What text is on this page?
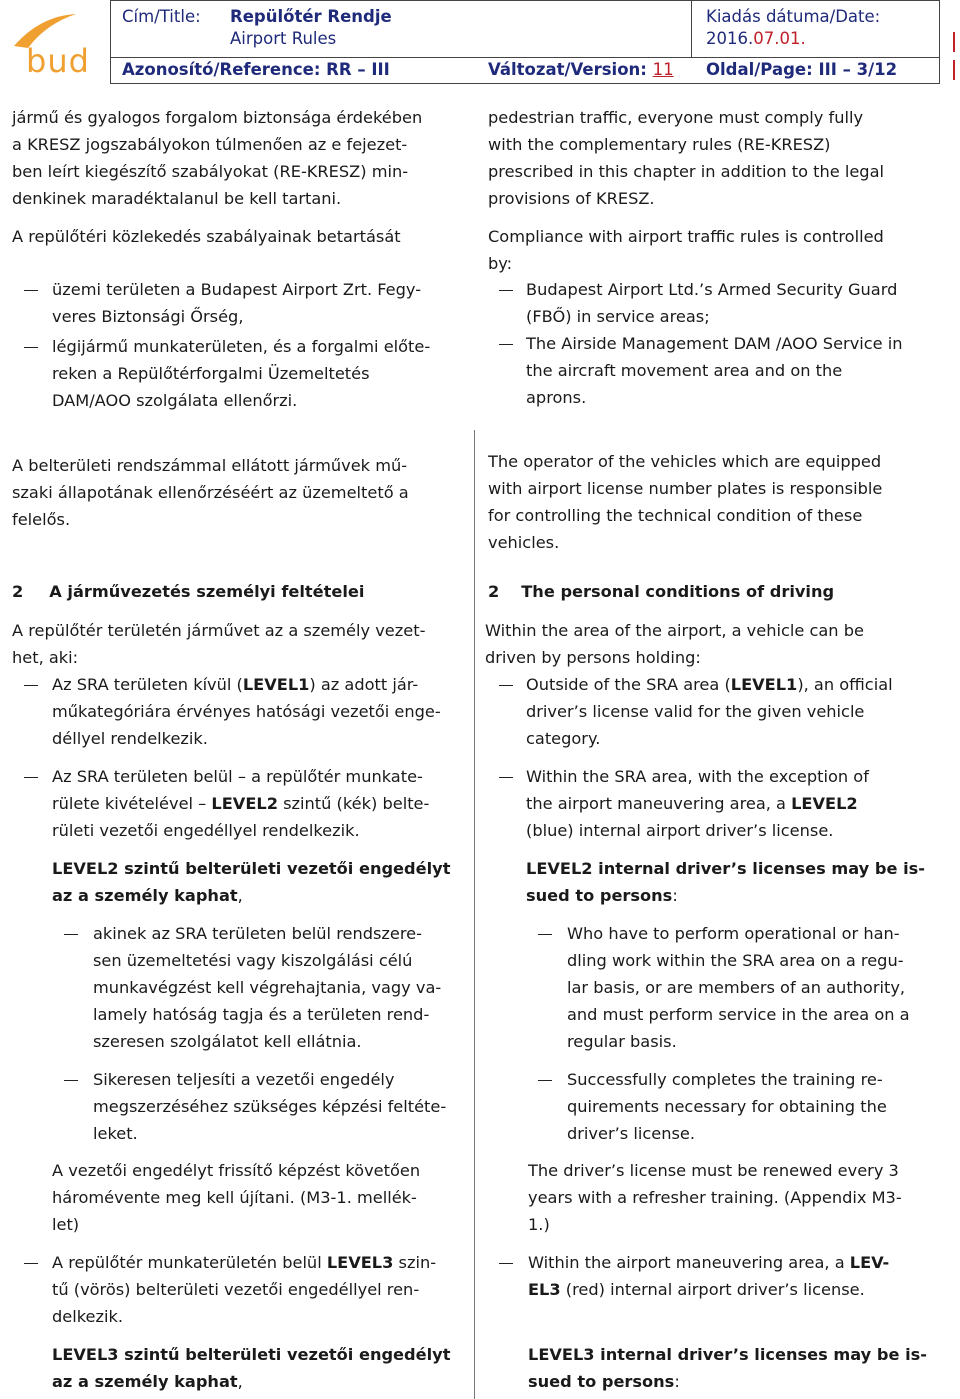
bud
Cím/Title: Repülőtér Rendje
Airport Rules
Kiadás dátuma/Date:
2016.07.01.
Azonosító/Reference: RR – III	Változat/Version: 11 Oldal/Page: III – 3/12

jármű és gyalogos forgalom biztonsága érdekében

a KRESZ jogszabályokon túlmenően az e fejezet-

ben leírt kiegészítő szabályokat (RE-KRESZ) min-

denkinek maradéktalanul be kell tartani.

A repülőtéri közlekedés szabályainak betartását

üzemi területen a Budapest Airport Zrt. Fegy-

veres Biztonsági Őrség,

légijármű munkaterületen, és a forgalmi előte-

reken a Repülőtérforgalmi Üzemeltetés

DAM/AOO szolgálata ellenőrzi.

A belterületi rendszámmal ellátott járművek mű-

szaki állapotának ellenőrzéséért az üzemeltető a

felelős.

2 A járművezetés személyi feltételei

A repülőtér területén járművet az a személy vezet-

het, aki:

Az SRA területen kívül (LEVEL1) az adott jár-

műkategóriára érvényes hatósági vezetői enge-

déllyel rendelkezik.

Az SRA területen belül – a repülőtér munkate-

rülete kivételével – LEVEL2 szintű (kék) belte-

rületi vezetői engedéllyel rendelkezik.

LEVEL2 szintű belterületi vezetői engedélyt

az a személy kaphat,

akinek az SRA területen belül rendszere-

sen üzemeltetési vagy kiszolgálási célú

munkavégzést kell végrehajtania, vagy va-

lamely hatóság tagja és a területen rend-

szeresen szolgálatot kell ellátnia.

Sikeresen teljesíti a vezetői engedély

megszerzéséhez szükséges képzési feltéte-

leket.

A vezetői engedélyt frissítő képzést követően

háromévente meg kell újítani. (M3-1. mellék-

let)

A repülőtér munkaterületén belül LEVEL3 szin-

tű (vörös) belterületi vezetői engedéllyel ren-

delkezik.

LEVEL3 szintű belterületi vezetői engedélyt

az a személy kaphat,

pedestrian traffic, everyone must comply fully

with the complementary rules (RE-KRESZ)

prescribed in this chapter in addition to the legal

provisions of KRESZ.

Compliance with airport traffic rules is controlled

by:

Budapest Airport Ltd.’s Armed Security Guard

(FBŐ) in service areas;

The Airside Management DAM /AOO Service in

the aircraft movement area and on the

aprons.

The operator of the vehicles which are equipped

with airport license number plates is responsible

for controlling the technical condition of these

vehicles.

2 The personal conditions of driving

Within the area of the airport, a vehicle can be

driven by persons holding:

Outside of the SRA area (LEVEL1), an official

driver’s license valid for the given vehicle

category.

Within the SRA area, with the exception of

the airport maneuvering area, a LEVEL2

(blue) internal airport driver’s license.

LEVEL2 internal driver’s licenses may be is-

sued to persons:

Who have to perform operational or han-

dling work within the SRA area on a regu-

lar basis, or are members of an authority,

and must perform service in the area on a

regular basis.

Successfully completes the training re-

quirements necessary for obtaining the

driver’s license.

The driver’s license must be renewed every 3

years with a refresher training. (Appendix M3-

1.)

Within the airport maneuvering area, a LEV-

EL3 (red) internal airport driver’s license.

LEVEL3 internal driver’s licenses may be is-

sued to persons:
